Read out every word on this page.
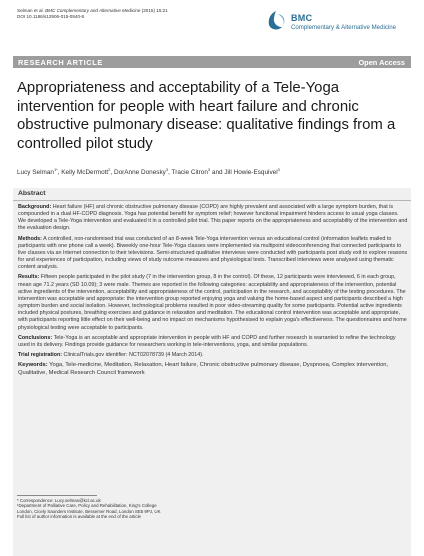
Selman et al. BMC Complementary and Alternative Medicine (2015) 15:21
DOI 10.1186/s12906-015-0540-8	BMC
Complementary & Alternative Medicine
RESEARCH ARTICLE	Open Access
Appropriateness and acceptability of a Tele-Yoga intervention for people with heart failure and chronic obstructive pulmonary disease: qualitative findings from a controlled pilot study
Lucy Selman$^{1*}$, Kelly McDermott$^2$, DorAnne Donesky$^3$, Tracie Citron$^3$ and Jill Howie-Esquivel$^3$
Abstract

Background: Heart failure (HF) and chronic obstructive pulmonary disease (COPD) are highly prevalent and associated with a large symptom burden, that is compounded in a dual HF-COPD diagnosis. Yoga has potential benefit for symptom relief; however functional impairment hinders access to usual yoga classes. We developed a Tele-Yoga intervention and evaluated it in a controlled pilot trial. This paper reports on the appropriateness and acceptability of the intervention and the evaluation design.

Methods: A controlled, non-randomised trial was conducted of an 8-week Tele-Yoga intervention versus an educational control (information leaflets mailed to participants with one phone call a week). Biweekly one-hour Tele-Yoga classes were implemented via multipoint videoconferencing that connected participants to live classes via an Internet connection to their televisions. Semi-structured qualitative interviews were conducted with participants post study exit to explore reasons for and experiences of participation, including views of study outcome measures and physiological tests. Transcribed interviews were analysed using thematic content analysis.

Results: Fifteen people participated in the pilot study (7 in the intervention group, 8 in the control). Of these, 12 participants were interviewed, 6 in each group, mean age 71.2 years (SD 10.09); 3 were male. Themes are reported in the following categories: acceptability and appropriateness of the intervention, potential active ingredients of the intervention, acceptability and appropriateness of the control, participation in the research, and acceptability of the testing procedures. The intervention was acceptable and appropriate: the intervention group reported enjoying yoga and valuing the home-based aspect and participants described a high symptom burden and social isolation. However, technological problems resulted in poor video-streaming quality for some participants. Potential active ingredients included physical postures, breathing exercises and guidance in relaxation and meditation. The educational control intervention was acceptable and appropriate, with participants reporting little effect on their well-being and no impact on mechanisms hypothesised to explain yoga's effectiveness. The questionnaires and home physiological testing were acceptable to participants.

Conclusions: Tele-Yoga is an acceptable and appropriate intervention in people with HF and COPD and further research is warranted to refine the technology used in its delivery. Findings provide guidance for researchers working in tele-interventions, yoga, and similar populations.

Trial registration: ClinicalTrials.gov identifier: NCT02078739 (4 March 2014).

Keywords: Yoga, Tele-medicine, Meditation, Relaxation, Heart failure, Chronic obstructive pulmonary disease, Dyspnoea, Complex intervention, Qualitative, Medical Research Council framework

* Correspondence: Lucy.selman@kcl.ac.uk
¹Department of Palliative Care, Policy and Rehabilitation, King's College
London, Cicely Saunders Institute, Bessemer Road, London SE5 9PJ, UK
Full list of author information is available at the end of the article
